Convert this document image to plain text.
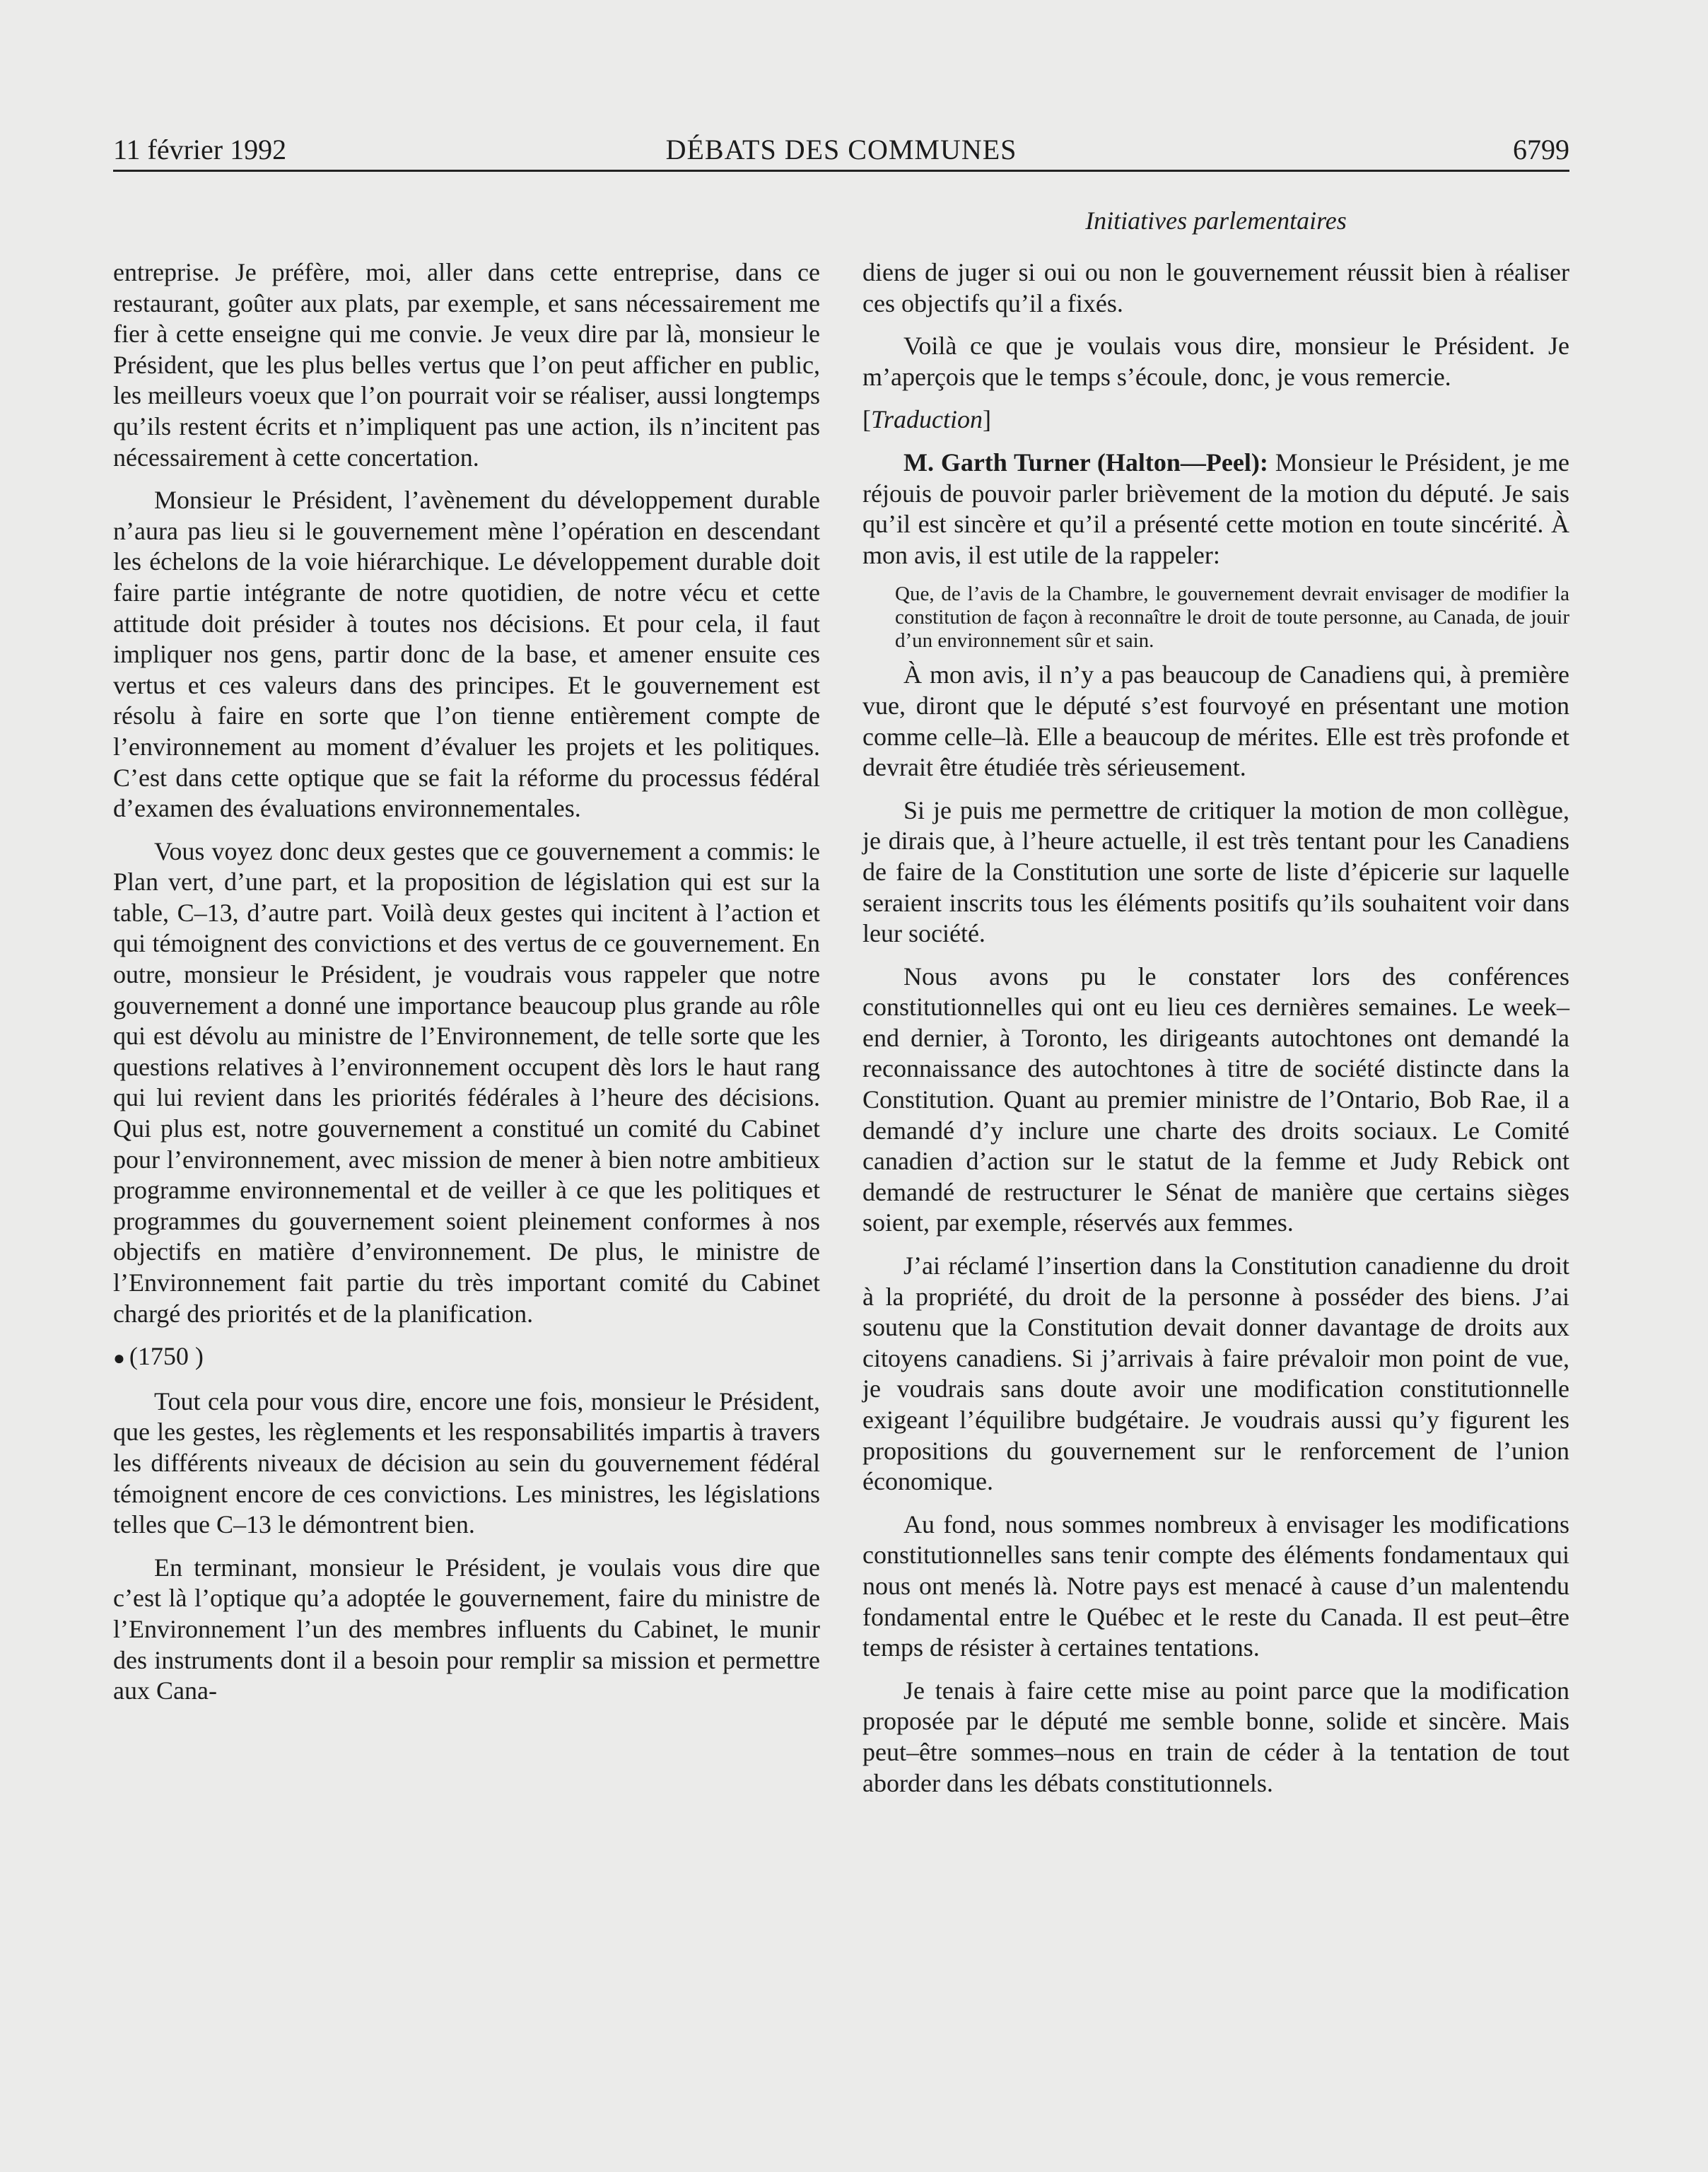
11 février 1992	DÉBATS DES COMMUNES	6799
Initiatives parlementaires

entreprise. Je préfère, moi, aller dans cette entreprise, dans ce restaurant, goûter aux plats, par exemple, et sans nécessairement me fier à cette enseigne qui me convie. Je veux dire par là, monsieur le Président, que les plus belles vertus que l’on peut afficher en public, les meilleurs voeux que l’on pourrait voir se réaliser, aussi longtemps qu’ils restent écrits et n’impliquent pas une action, ils n’incitent pas nécessairement à cette concertation.

Monsieur le Président, l’avènement du développement durable n’aura pas lieu si le gouvernement mène l’opération en descendant les échelons de la voie hiérarchique. Le développement durable doit faire partie intégrante de notre quotidien, de notre vécu et cette attitude doit présider à toutes nos décisions. Et pour cela, il faut impliquer nos gens, partir donc de la base, et amener ensuite ces vertus et ces valeurs dans des principes. Et le gouvernement est résolu à faire en sorte que l’on tienne entièrement compte de l’environnement au moment d’évaluer les projets et les politiques. C’est dans cette optique que se fait la réforme du processus fédéral d’examen des évaluations environnementales.

Vous voyez donc deux gestes que ce gouvernement a commis: le Plan vert, d’une part, et la proposition de législation qui est sur la table, C–13, d’autre part. Voilà deux gestes qui incitent à l’action et qui témoignent des convictions et des vertus de ce gouvernement. En outre, monsieur le Président, je voudrais vous rappeler que notre gouvernement a donné une importance beaucoup plus grande au rôle qui est dévolu au ministre de l’Environnement, de telle sorte que les questions relatives à l’environnement occupent dès lors le haut rang qui lui revient dans les priorités fédérales à l’heure des décisions. Qui plus est, notre gouvernement a constitué un comité du Cabinet pour l’environnement, avec mission de mener à bien notre ambitieux programme environnemental et de veiller à ce que les politiques et programmes du gouvernement soient pleinement conformes à nos objectifs en matière d’environnement. De plus, le ministre de l’Environnement fait partie du très important comité du Cabinet chargé des priorités et de la planification.

● (1750 )

Tout cela pour vous dire, encore une fois, monsieur le Président, que les gestes, les règlements et les responsabilités impartis à travers les différents niveaux de décision au sein du gouvernement fédéral témoignent encore de ces convictions. Les ministres, les législations telles que C–13 le démontrent bien.

En terminant, monsieur le Président, je voulais vous dire que c’est là l’optique qu’a adoptée le gouvernement, faire du ministre de l’Environnement l’un des membres influents du Cabinet, le munir des instruments dont il a besoin pour remplir sa mission et permettre aux Cana-

diens de juger si oui ou non le gouvernement réussit bien à réaliser ces objectifs qu’il a fixés.

Voilà ce que je voulais vous dire, monsieur le Président. Je m’aperçois que le temps s’écoule, donc, je vous remercie.

[Traduction]

M. Garth Turner (Halton—Peel): Monsieur le Président, je me réjouis de pouvoir parler brièvement de la motion du député. Je sais qu’il est sincère et qu’il a présenté cette motion en toute sincérité. À mon avis, il est utile de la rappeler:

Que, de l’avis de la Chambre, le gouvernement devrait envisager de modifier la constitution de façon à reconnaître le droit de toute personne, au Canada, de jouir d’un environnement sûr et sain.

À mon avis, il n’y a pas beaucoup de Canadiens qui, à première vue, diront que le député s’est fourvoyé en présentant une motion comme celle–là. Elle a beaucoup de mérites. Elle est très profonde et devrait être étudiée très sérieusement.

Si je puis me permettre de critiquer la motion de mon collègue, je dirais que, à l’heure actuelle, il est très tentant pour les Canadiens de faire de la Constitution une sorte de liste d’épicerie sur laquelle seraient inscrits tous les éléments positifs qu’ils souhaitent voir dans leur société.

Nous avons pu le constater lors des conférences constitutionnelles qui ont eu lieu ces dernières semaines. Le week–end dernier, à Toronto, les dirigeants autochtones ont demandé la reconnaissance des autochtones à titre de société distincte dans la Constitution. Quant au premier ministre de l’Ontario, Bob Rae, il a demandé d’y inclure une charte des droits sociaux. Le Comité canadien d’action sur le statut de la femme et Judy Rebick ont demandé de restructurer le Sénat de manière que certains sièges soient, par exemple, réservés aux femmes.

J’ai réclamé l’insertion dans la Constitution canadienne du droit à la propriété, du droit de la personne à posséder des biens. J’ai soutenu que la Constitution devait donner davantage de droits aux citoyens canadiens. Si j’arrivais à faire prévaloir mon point de vue, je voudrais sans doute avoir une modification constitutionnelle exigeant l’équilibre budgétaire. Je voudrais aussi qu’y figurent les propositions du gouvernement sur le renforcement de l’union économique.

Au fond, nous sommes nombreux à envisager les modifications constitutionnelles sans tenir compte des éléments fondamentaux qui nous ont menés là. Notre pays est menacé à cause d’un malentendu fondamental entre le Québec et le reste du Canada. Il est peut–être temps de résister à certaines tentations.

Je tenais à faire cette mise au point parce que la modification proposée par le député me semble bonne, solide et sincère. Mais peut–être sommes–nous en train de céder à la tentation de tout aborder dans les débats constitutionnels.
